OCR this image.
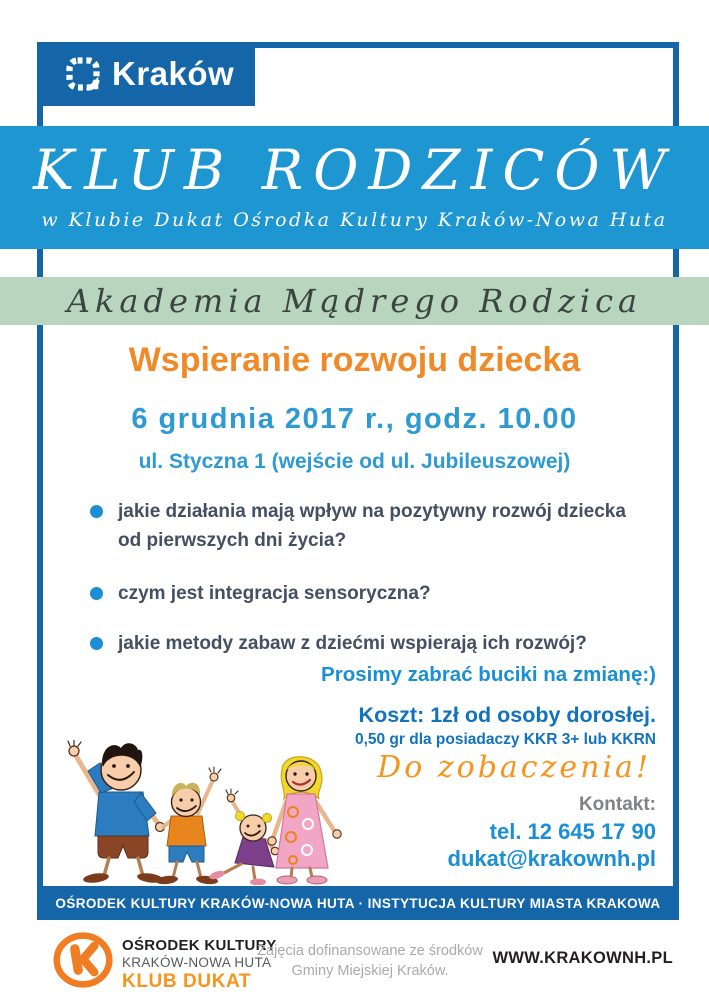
Kraków
KLUB RODZICÓW
w Klubie Dukat Ośrodka Kultury Kraków-Nowa Huta
Akademia Mądrego Rodzica
Wspieranie rozwoju dziecka
6 grudnia 2017 r., godz. 10.00
ul. Styczna 1 (wejście od ul. Jubileuszowej)
jakie działania mają wpływ na pozytywny rozwój dziecka od pierwszych dni życia?
czym jest integracja sensoryczna?
jakie metody zabaw z dziećmi wspierają ich rozwój?
Prosimy zabrać buciki na zmianę:)
Koszt: 1zł od osoby dorosłej.
0,50 gr dla posiadaczy KKR 3+ lub KKRN
Do zobaczenia!
Kontakt:
tel. 12 645 17 90
dukat@krakownh.pl
OŚRODEK KULTURY KRAKÓW-NOWA HUTA · INSTYTUCJA KULTURY MIASTA KRAKOWA
OŚRODEK KULTURY
KRAKÓW-NOWA HUTA
KLUB DUKAT
Zajęcia dofinansowane ze środków
Gminy Miejskiej Kraków.
WWW.KRAKOWNH.PL
